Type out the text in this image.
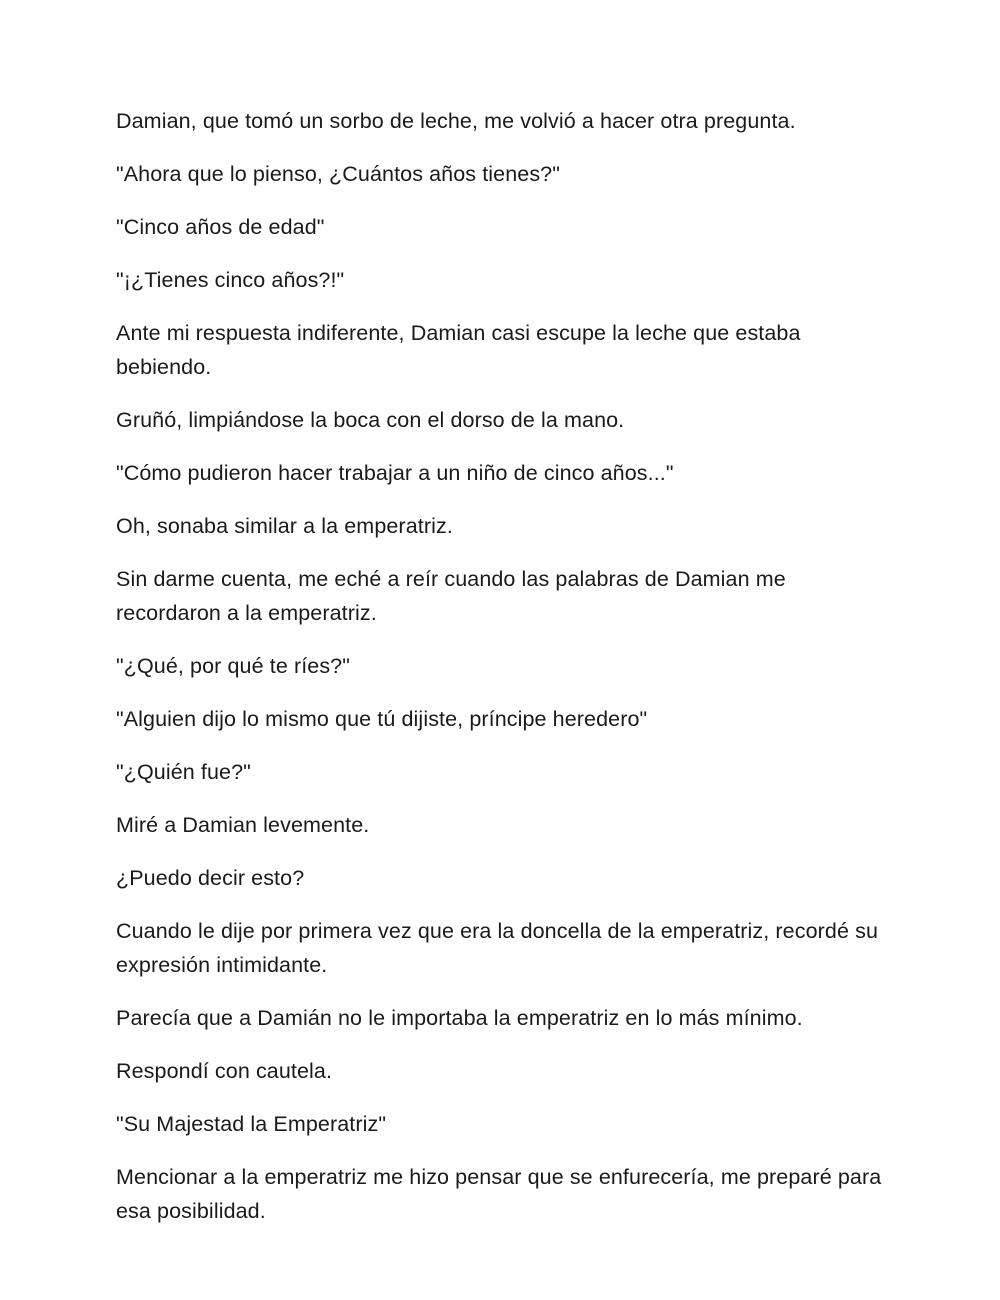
Damian, que tomó un sorbo de leche, me volvió a hacer otra pregunta.

"Ahora que lo pienso, ¿Cuántos años tienes?"

"Cinco años de edad"

"¡¿Tienes cinco años?!"

Ante mi respuesta indiferente, Damian casi escupe la leche que estaba bebiendo.

Gruñó, limpiándose la boca con el dorso de la mano.

"Cómo pudieron hacer trabajar a un niño de cinco años..."

Oh, sonaba similar a la emperatriz.

Sin darme cuenta, me eché a reír cuando las palabras de Damian me recordaron a la emperatriz.

"¿Qué, por qué te ríes?"

"Alguien dijo lo mismo que tú dijiste, príncipe heredero"

"¿Quién fue?"

Miré a Damian levemente.

¿Puedo decir esto?

Cuando le dije por primera vez que era la doncella de la emperatriz, recordé su expresión intimidante.

Parecía que a Damián no le importaba la emperatriz en lo más mínimo.

Respondí con cautela.

"Su Majestad la Emperatriz"

Mencionar a la emperatriz me hizo pensar que se enfurecería, me preparé para esa posibilidad.
